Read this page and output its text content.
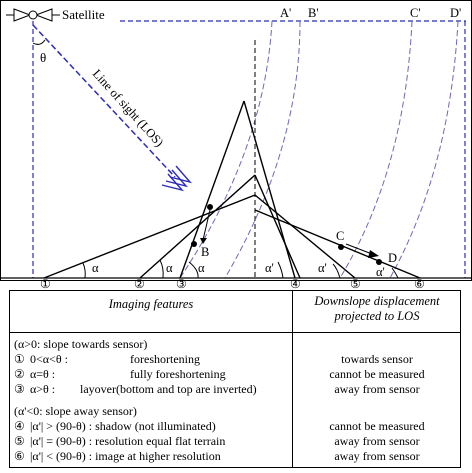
Satellite
θ
Line of sight (LOS)
A' B'	C' D'
α	α α	α'	α'	α'
B
C
D
①	②	③	④	⑤	⑥
Imaging features	Downslope displacement
projected to LOS
(α>0: slope towards sensor)
① 0<α<θ :	foreshortening	towards sensor
② α=θ :	fully foreshortening	cannot be measured
③ α>θ : layover(bottom and top are inverted)	away from sensor
(α'<0: slope away sensor)
④ |α'| > (90-θ) : shadow (not illuminated)	cannot be measured
⑤ |α'| = (90-θ) : resolution equal flat terrain	away from sensor
⑥ |α'| < (90-θ) : image at higher resolution	away from sensor
